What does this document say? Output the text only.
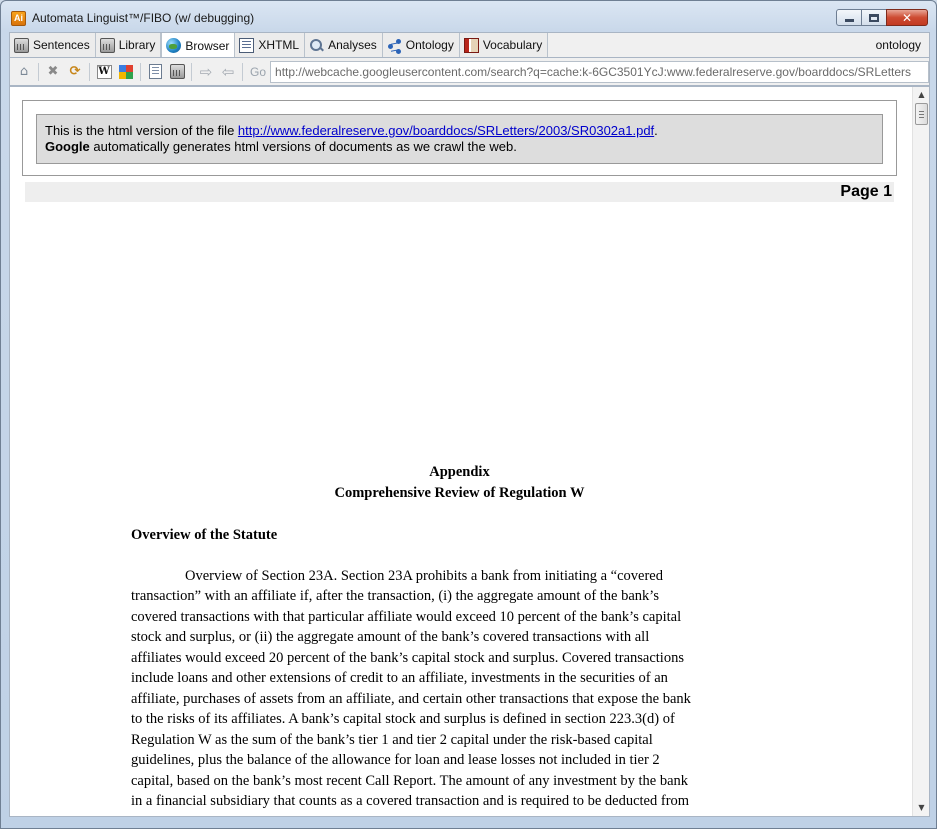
Ai Automata Linguist™/FIBO (w/ debugging)	✕
Sentences Library	Browser XHTML Analyses Ontology Vocabulary	ontology
⌂ ✖ ⟳ W	⇨ ⇦ Go http://webcache.googleusercontent.com/search?q=cache:k-6GC3501YcJ:www.federalreserve.gov/boarddocs/SRLetters
This is the html version of the file http://www.federalreserve.gov/boarddocs/SRLetters/2003/SR0302a1.pdf.
Google automatically generates html versions of documents as we crawl the web.
Page 1
Appendix
Comprehensive Review of Regulation W
Overview of the Statute
Overview of Section 23A. Section 23A prohibits a bank from initiating a “covered
transaction” with an affiliate if, after the transaction, (i) the aggregate amount of the bank’s
covered transactions with that particular affiliate would exceed 10 percent of the bank’s capital
stock and surplus, or (ii) the aggregate amount of the bank’s covered transactions with all
affiliates would exceed 20 percent of the bank’s capital stock and surplus. Covered transactions
include loans and other extensions of credit to an affiliate, investments in the securities of an
affiliate, purchases of assets from an affiliate, and certain other transactions that expose the bank
to the risks of its affiliates. A bank’s capital stock and surplus is defined in section 223.3(d) of
Regulation W as the sum of the bank’s tier 1 and tier 2 capital under the risk-based capital
guidelines, plus the balance of the allowance for loan and lease losses not included in tier 2
capital, based on the bank’s most recent Call Report. The amount of any investment by the bank
in a financial subsidiary that counts as a covered transaction and is required to be deducted from
▲
▼
